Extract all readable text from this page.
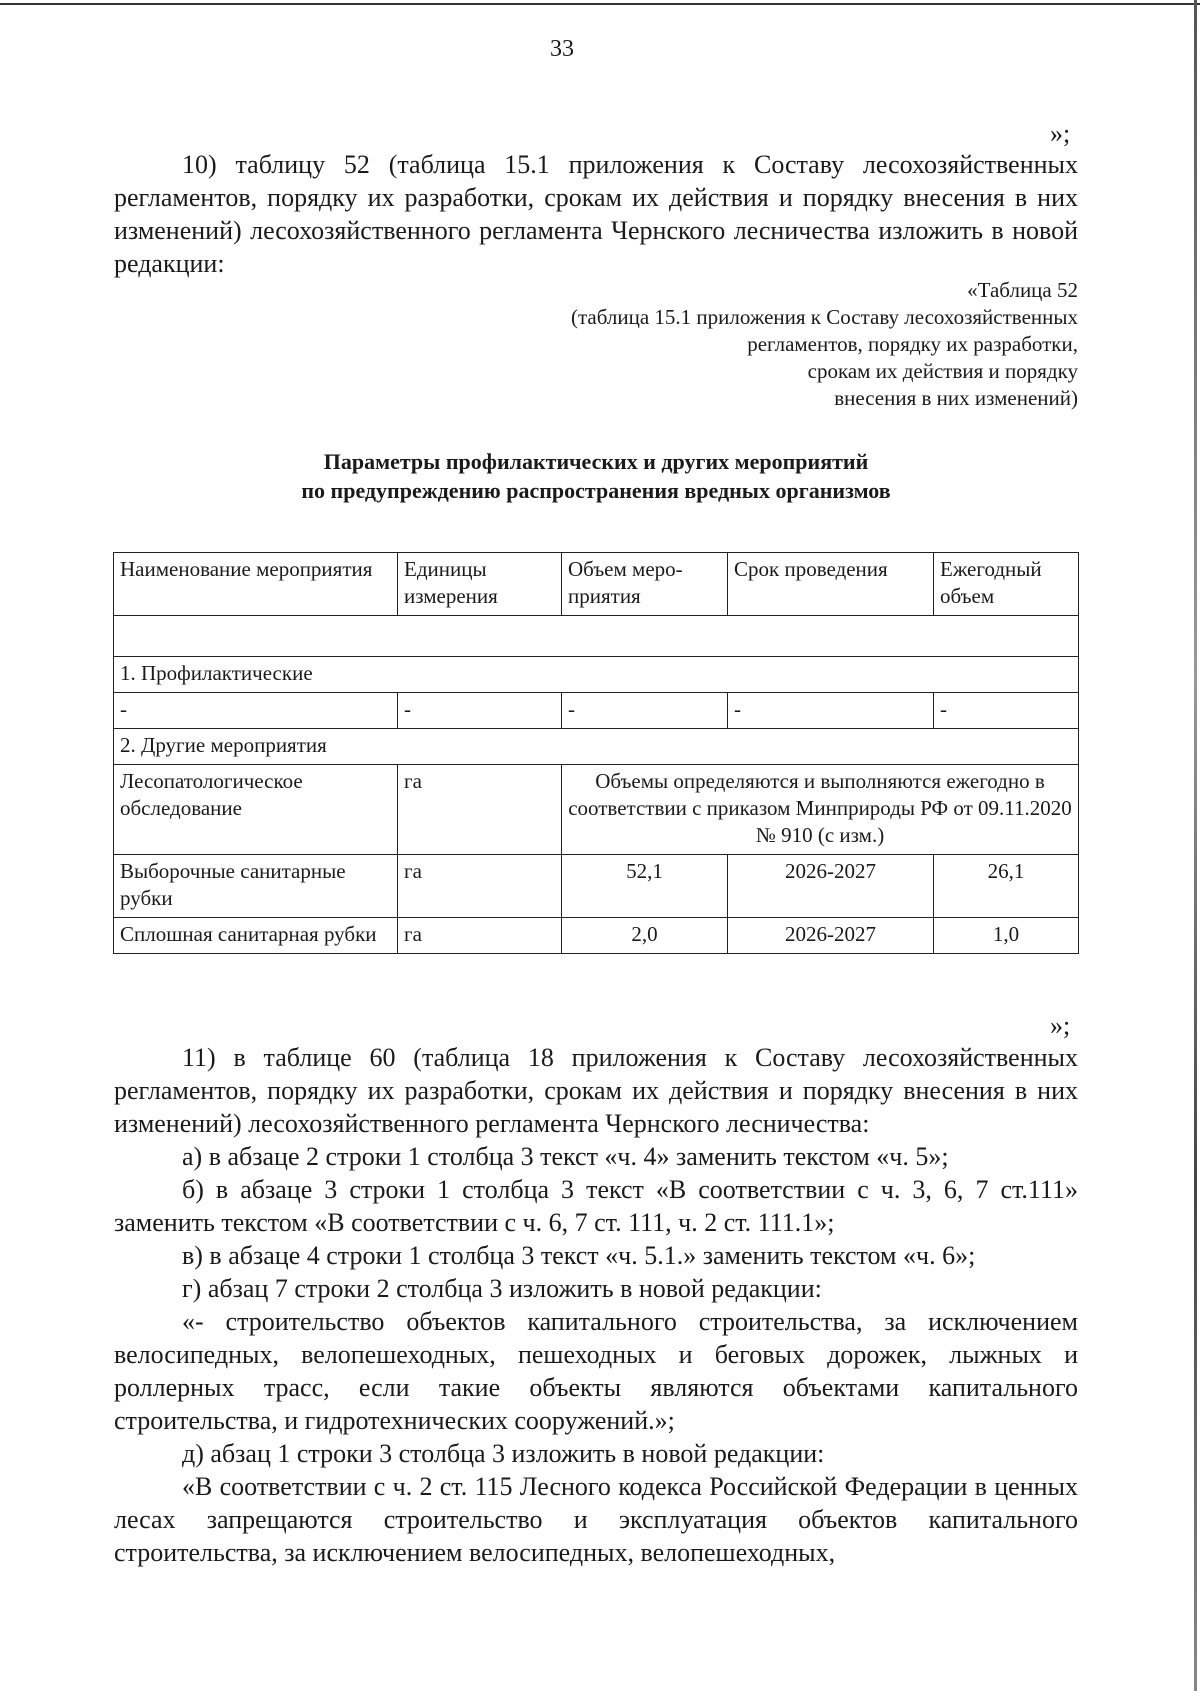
33
»;

10) таблицу 52 (таблица 15.1 приложения к Составу лесохозяйственных регламентов, порядку их разработки, срокам их действия и порядку внесения в них изменений) лесохозяйственного регламента Чернского лесничества изложить в новой редакции:

«Таблица 52
(таблица 15.1 приложения к Составу лесохозяйственных
регламентов, порядку их разработки,
срокам их действия и порядку
внесения в них изменений)
Параметры профилактических и других мероприятий
по предупреждению распространения вредных организмов
Наименование мероприятия	Единицы измерения	Объем меро-приятия	Срок проведения	Ежегодный объем

1. Профилактические				
-	-	-	-	-
2. Другие мероприятия				
Лесопатологическое обследование	га	Объемы определяются и выполняются ежегодно в соответствии с приказом Минприроды РФ от 09.11.2020 № 910 (с изм.)		
Выборочные санитарные рубки	га	52,1	2026-2027	26,1
Сплошная санитарная рубки	га	2,0	2026-2027	1,0
»;

11) в таблице 60 (таблица 18 приложения к Составу лесохозяйственных регламентов, порядку их разработки, срокам их действия и порядку внесения в них изменений) лесохозяйственного регламента Чернского лесничества:

а) в абзаце 2 строки 1 столбца 3 текст «ч. 4» заменить текстом «ч. 5»;

б) в абзаце 3 строки 1 столбца 3 текст «В соответствии с ч. 3, 6, 7 ст.111» заменить текстом «В соответствии с ч. 6, 7 ст. 111, ч. 2 ст. 111.1»;

в) в абзаце 4 строки 1 столбца 3 текст «ч. 5.1.» заменить текстом «ч. 6»;

г) абзац 7 строки 2 столбца 3 изложить в новой редакции:

«- строительство объектов капитального строительства, за исключением велосипедных, велопешеходных, пешеходных и беговых дорожек, лыжных и роллерных трасс, если такие объекты являются объектами капитального строительства, и гидротехнических сооружений.»;

д) абзац 1 строки 3 столбца 3 изложить в новой редакции:

«В соответствии с ч. 2 ст. 115 Лесного кодекса Российской Федерации в ценных лесах запрещаются строительство и эксплуатация объектов капитального строительства, за исключением велосипедных, велопешеходных,
